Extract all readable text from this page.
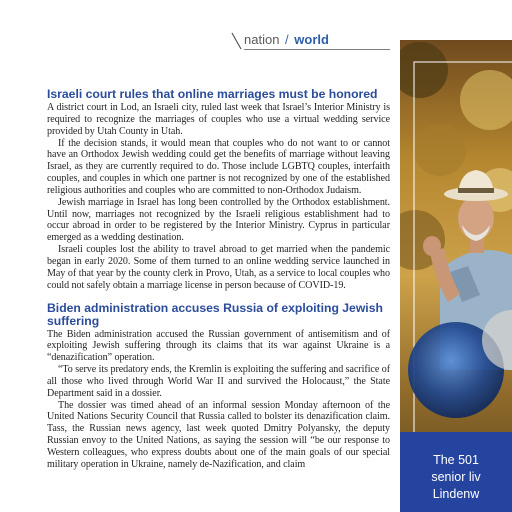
nation / world
Israeli court rules that online marriages must be honored

A district court in Lod, an Israeli city, ruled last week that Israel’s Interior Ministry is required to recognize the marriages of couples who use a virtual wedding service provided by Utah County in Utah.

If the decision stands, it would mean that couples who do not want to or cannot have an Orthodox Jewish wedding could get the benefits of marriage without leaving Israel, as they are currently required to do. Those include LGBTQ couples, interfaith couples, and couples in which one partner is not recognized by one of the established religious authorities and couples who are committed to non-Orthodox Judaism.

Jewish marriage in Israel has long been controlled by the Orthodox establishment. Until now, marriages not recognized by the Israeli religious establishment had to occur abroad in order to be registered by the Interior Ministry. Cyprus in particular emerged as a wedding destination.

Israeli couples lost the ability to travel abroad to get married when the pandemic began in early 2020. Some of them turned to an online wedding service launched in May of that year by the county clerk in Provo, Utah, as a service to local couples who could not safely obtain a marriage license in person because of COVID-19.

Biden administration accuses Russia of exploiting Jewish suffering

The Biden administration accused the Russian government of antisemitism and of exploiting Jewish suffering through its claims that its war against Ukraine is a “denazification” operation.

“To serve its predatory ends, the Kremlin is exploiting the suffering and sacrifice of all those who lived through World War II and survived the Holocaust,” the State Department said in a dossier.

The dossier was timed ahead of an informal session Monday afternoon of the United Nations Security Council that Russia called to bolster its denazification claim. Tass, the Russian news agency, last week quoted Dmitry Polyansky, the deputy Russian envoy to the United Nations, as saying the session will “be our response to Western colleagues, who express doubts about one of the main goals of our special military operation in Ukraine, namely de-Nazification, and claim	The 501
senior liv
Lindenw
